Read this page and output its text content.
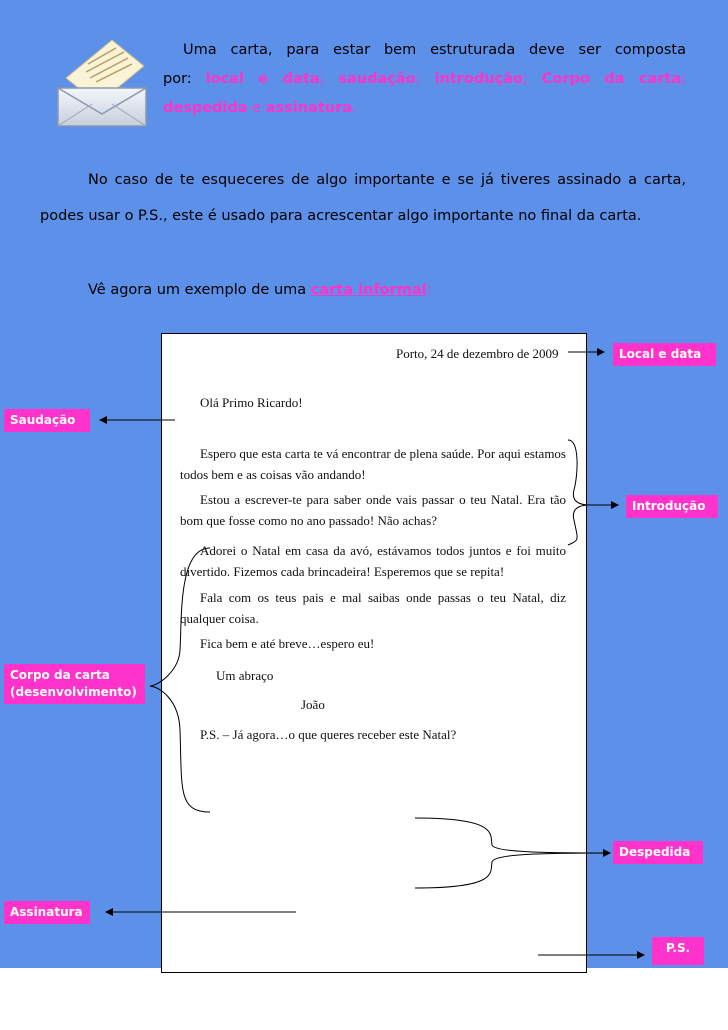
Uma carta, para estar bem estruturada deve ser composta

por: local e data; saudação; introdução; Corpo da carta;

despedida e assinatura.

No caso de te esqueceres de algo importante e se já tiveres assinado a carta, podes usar o P.S., este é usado para acrescentar algo importante no final da carta.
Vê agora um exemplo de uma carta informal:

Porto, 24 de dezembro de 2009

Olá Primo Ricardo!

Espero que esta carta te vá encontrar de plena saúde. Por aqui estamos todos bem e as coisas vão andando!

Estou a escrever-te para saber onde vais passar o teu Natal. Era tão bom que fosse como no ano passado! Não achas?

Adorei o Natal em casa da avó, estávamos todos juntos e foi muito divertido. Fizemos cada brincadeira! Esperemos que se repita!

Fala com os teus pais e mal saibas onde passas o teu Natal, diz qualquer coisa.

Fica bem e até breve…espero eu!

Um abraço

João

P.S. – Já agora…o que queres receber este Natal?

Local e data
Saudação
Introdução
Corpo da carta
(desenvolvimento)
Despedida
Assinatura
P.S.
